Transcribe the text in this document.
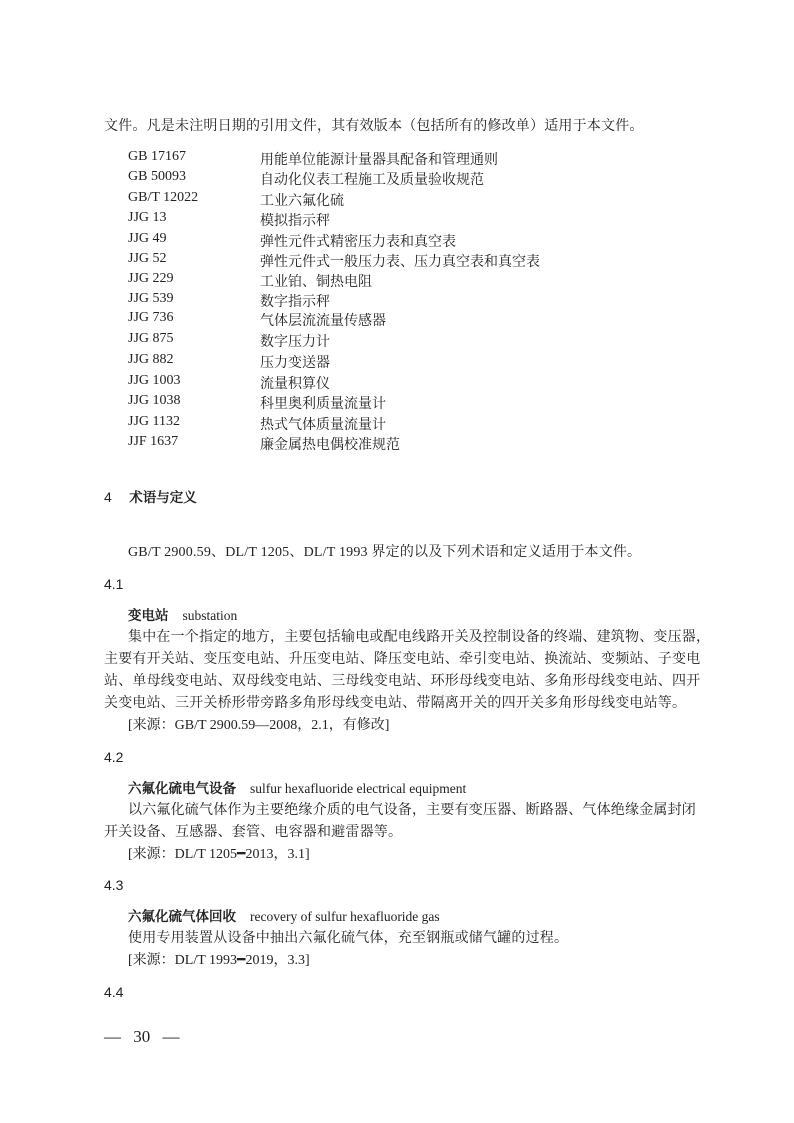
文件。凡是未注明日期的引用文件，其有效版本（包括所有的修改单）适用于本文件。
GB 17167	用能单位能源计量器具配备和管理通则
GB 50093	自动化仪表工程施工及质量验收规范
GB/T 12022	工业六氟化硫
JJG 13	模拟指示秤
JJG 49	弹性元件式精密压力表和真空表
JJG 52	弹性元件式一般压力表、压力真空表和真空表
JJG 229	工业铂、铜热电阻
JJG 539	数字指示秤
JJG 736	气体层流流量传感器
JJG 875	数字压力计
JJG 882	压力变送器
JJG 1003	流量积算仪
JJG 1038	科里奥利质量流量计
JJG 1132	热式气体质量流量计
JJF 1637	廉金属热电偶校准规范
4 术语与定义
GB/T 2900.59、DL/T 1205、DL/T 1993 界定的以及下列术语和定义适用于本文件。
4.1
变电站 substation
集中在一个指定的地方，主要包括输电或配电线路开关及控制设备的终端、建筑物、变压器，
主要有开关站、变压变电站、升压变电站、降压变电站、牵引变电站、换流站、变频站、子变电
站、单母线变电站、双母线变电站、三母线变电站、环形母线变电站、多角形母线变电站、四开
关变电站、三开关桥形带旁路多角形母线变电站、带隔离开关的四开关多角形母线变电站等。
[来源：GB/T 2900.59—2008，2.1，有修改]
4.2
六氟化硫电气设备 sulfur hexafluoride electrical equipment
以六氟化硫气体作为主要绝缘介质的电气设备，主要有变压器、断路器、气体绝缘金属封闭
开关设备、互感器、套管、电容器和避雷器等。
[来源：DL/T 1205━2013，3.1]
4.3
六氟化硫气体回收 recovery of sulfur hexafluoride gas
使用专用装置从设备中抽出六氟化硫气体，充至钢瓶或储气罐的过程。
[来源：DL/T 1993━2019，3.3]
4.4
— 30 —
